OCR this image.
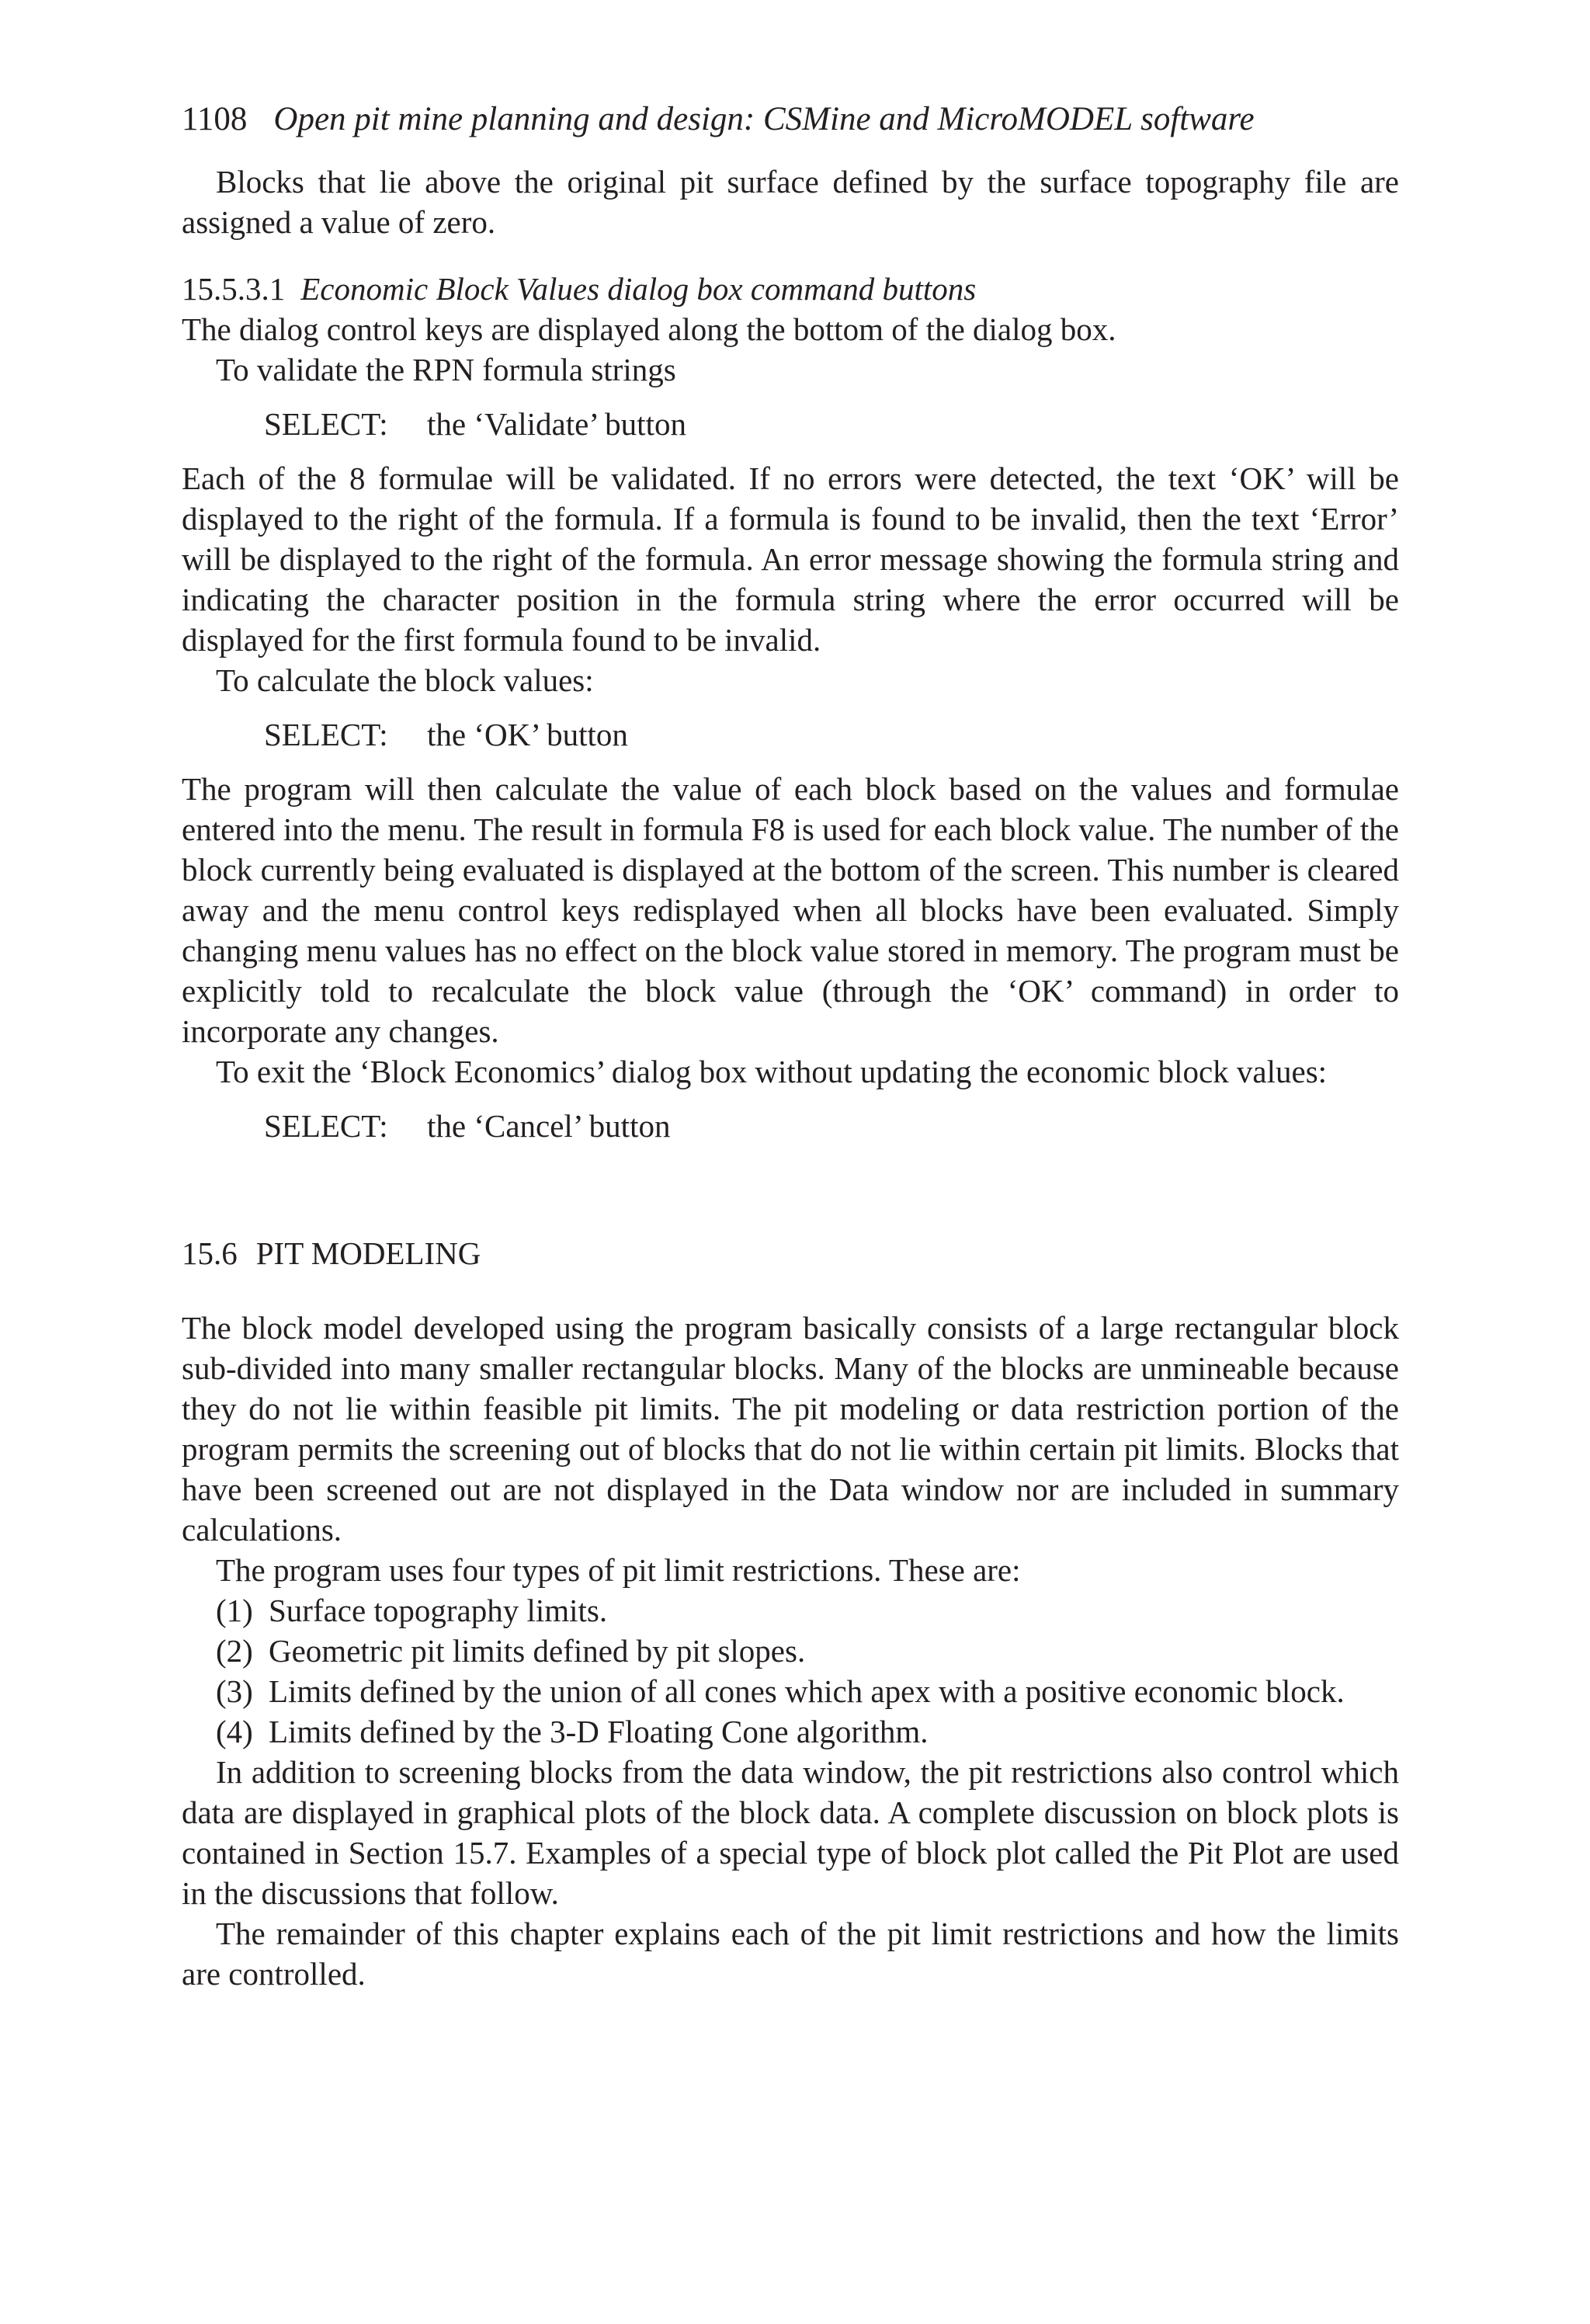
1108 Open pit mine planning and design: CSMine and MicroMODEL software

Blocks that lie above the original pit surface defined by the surface topography file are assigned a value of zero.

15.5.3.1 Economic Block Values dialog box command buttons

The dialog control keys are displayed along the bottom of the dialog box.

To validate the RPN formula strings

SELECT: the ‘Validate’ button

Each of the 8 formulae will be validated. If no errors were detected, the text ‘OK’ will be displayed to the right of the formula. If a formula is found to be invalid, then the text ‘Error’ will be displayed to the right of the formula. An error message showing the formula string and indicating the character position in the formula string where the error occurred will be displayed for the first formula found to be invalid.

To calculate the block values:

SELECT: the ‘OK’ button

The program will then calculate the value of each block based on the values and formulae entered into the menu. The result in formula F8 is used for each block value. The number of the block currently being evaluated is displayed at the bottom of the screen. This number is cleared away and the menu control keys redisplayed when all blocks have been evaluated. Simply changing menu values has no effect on the block value stored in memory. The program must be explicitly told to recalculate the block value (through the ‘OK’ command) in order to incorporate any changes.

To exit the ‘Block Economics’ dialog box without updating the economic block values:

SELECT: the ‘Cancel’ button
15.6 PIT MODELING

The block model developed using the program basically consists of a large rectangular block sub-divided into many smaller rectangular blocks. Many of the blocks are unmineable because they do not lie within feasible pit limits. The pit modeling or data restriction portion of the program permits the screening out of blocks that do not lie within certain pit limits. Blocks that have been screened out are not displayed in the Data window nor are included in summary calculations.

The program uses four types of pit limit restrictions. These are:

(1) Surface topography limits.
(2) Geometric pit limits defined by pit slopes.
(3) Limits defined by the union of all cones which apex with a positive economic block.
(4) Limits defined by the 3-D Floating Cone algorithm.

In addition to screening blocks from the data window, the pit restrictions also control which data are displayed in graphical plots of the block data. A complete discussion on block plots is contained in Section 15.7. Examples of a special type of block plot called the Pit Plot are used in the discussions that follow.

The remainder of this chapter explains each of the pit limit restrictions and how the limits are controlled.
